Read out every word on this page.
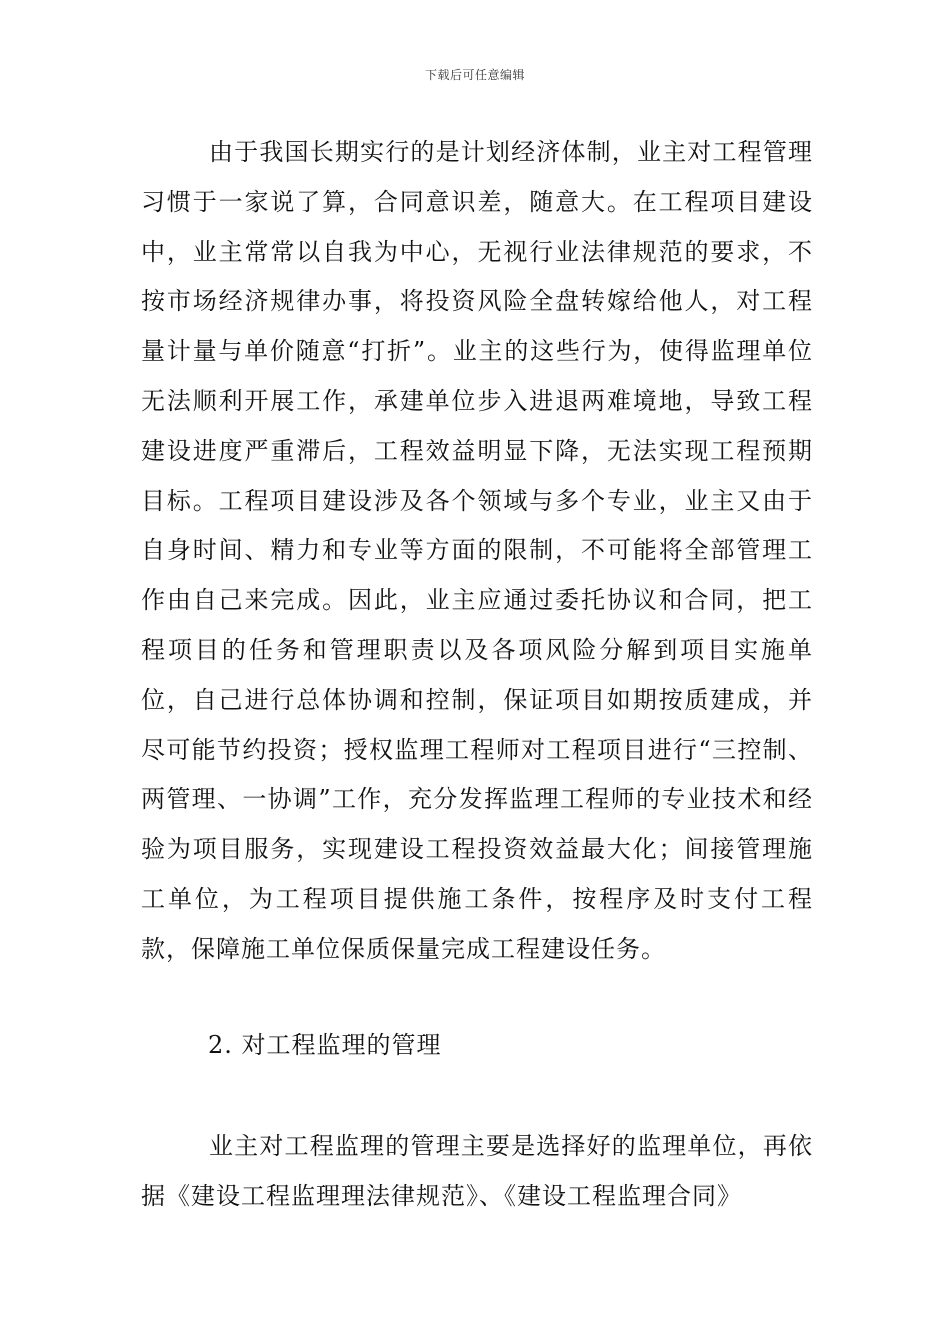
下载后可任意编辑

由于我国长期实行的是计划经济体制，业主对工程管理习惯于一家说了算，合同意识差，随意大。在工程项目建设中，业主常常以自我为中心，无视行业法律规范的要求，不按市场经济规律办事，将投资风险全盘转嫁给他人，对工程量计量与单价随意“打折”。业主的这些行为，使得监理单位无法顺利开展工作，承建单位步入进退两难境地，导致工程建设进度严重滞后，工程效益明显下降，无法实现工程预期目标。工程项目建设涉及各个领域与多个专业，业主又由于自身时间、精力和专业等方面的限制，不可能将全部管理工作由自己来完成。因此，业主应通过委托协议和合同，把工程项目的任务和管理职责以及各项风险分解到项目实施单位，自己进行总体协调和控制，保证项目如期按质建成，并尽可能节约投资；授权监理工程师对工程项目进行“三控制、两管理、一协调”工作，充分发挥监理工程师的专业技术和经验为项目服务，实现建设工程投资效益最大化；间接管理施工单位，为工程项目提供施工条件，按程序及时支付工程款，保障施工单位保质保量完成工程建设任务。

2. 对工程监理的管理

业主对工程监理的管理主要是选择好的监理单位，再依据《建设工程监理理法律规范》、《建设工程监理合同》
